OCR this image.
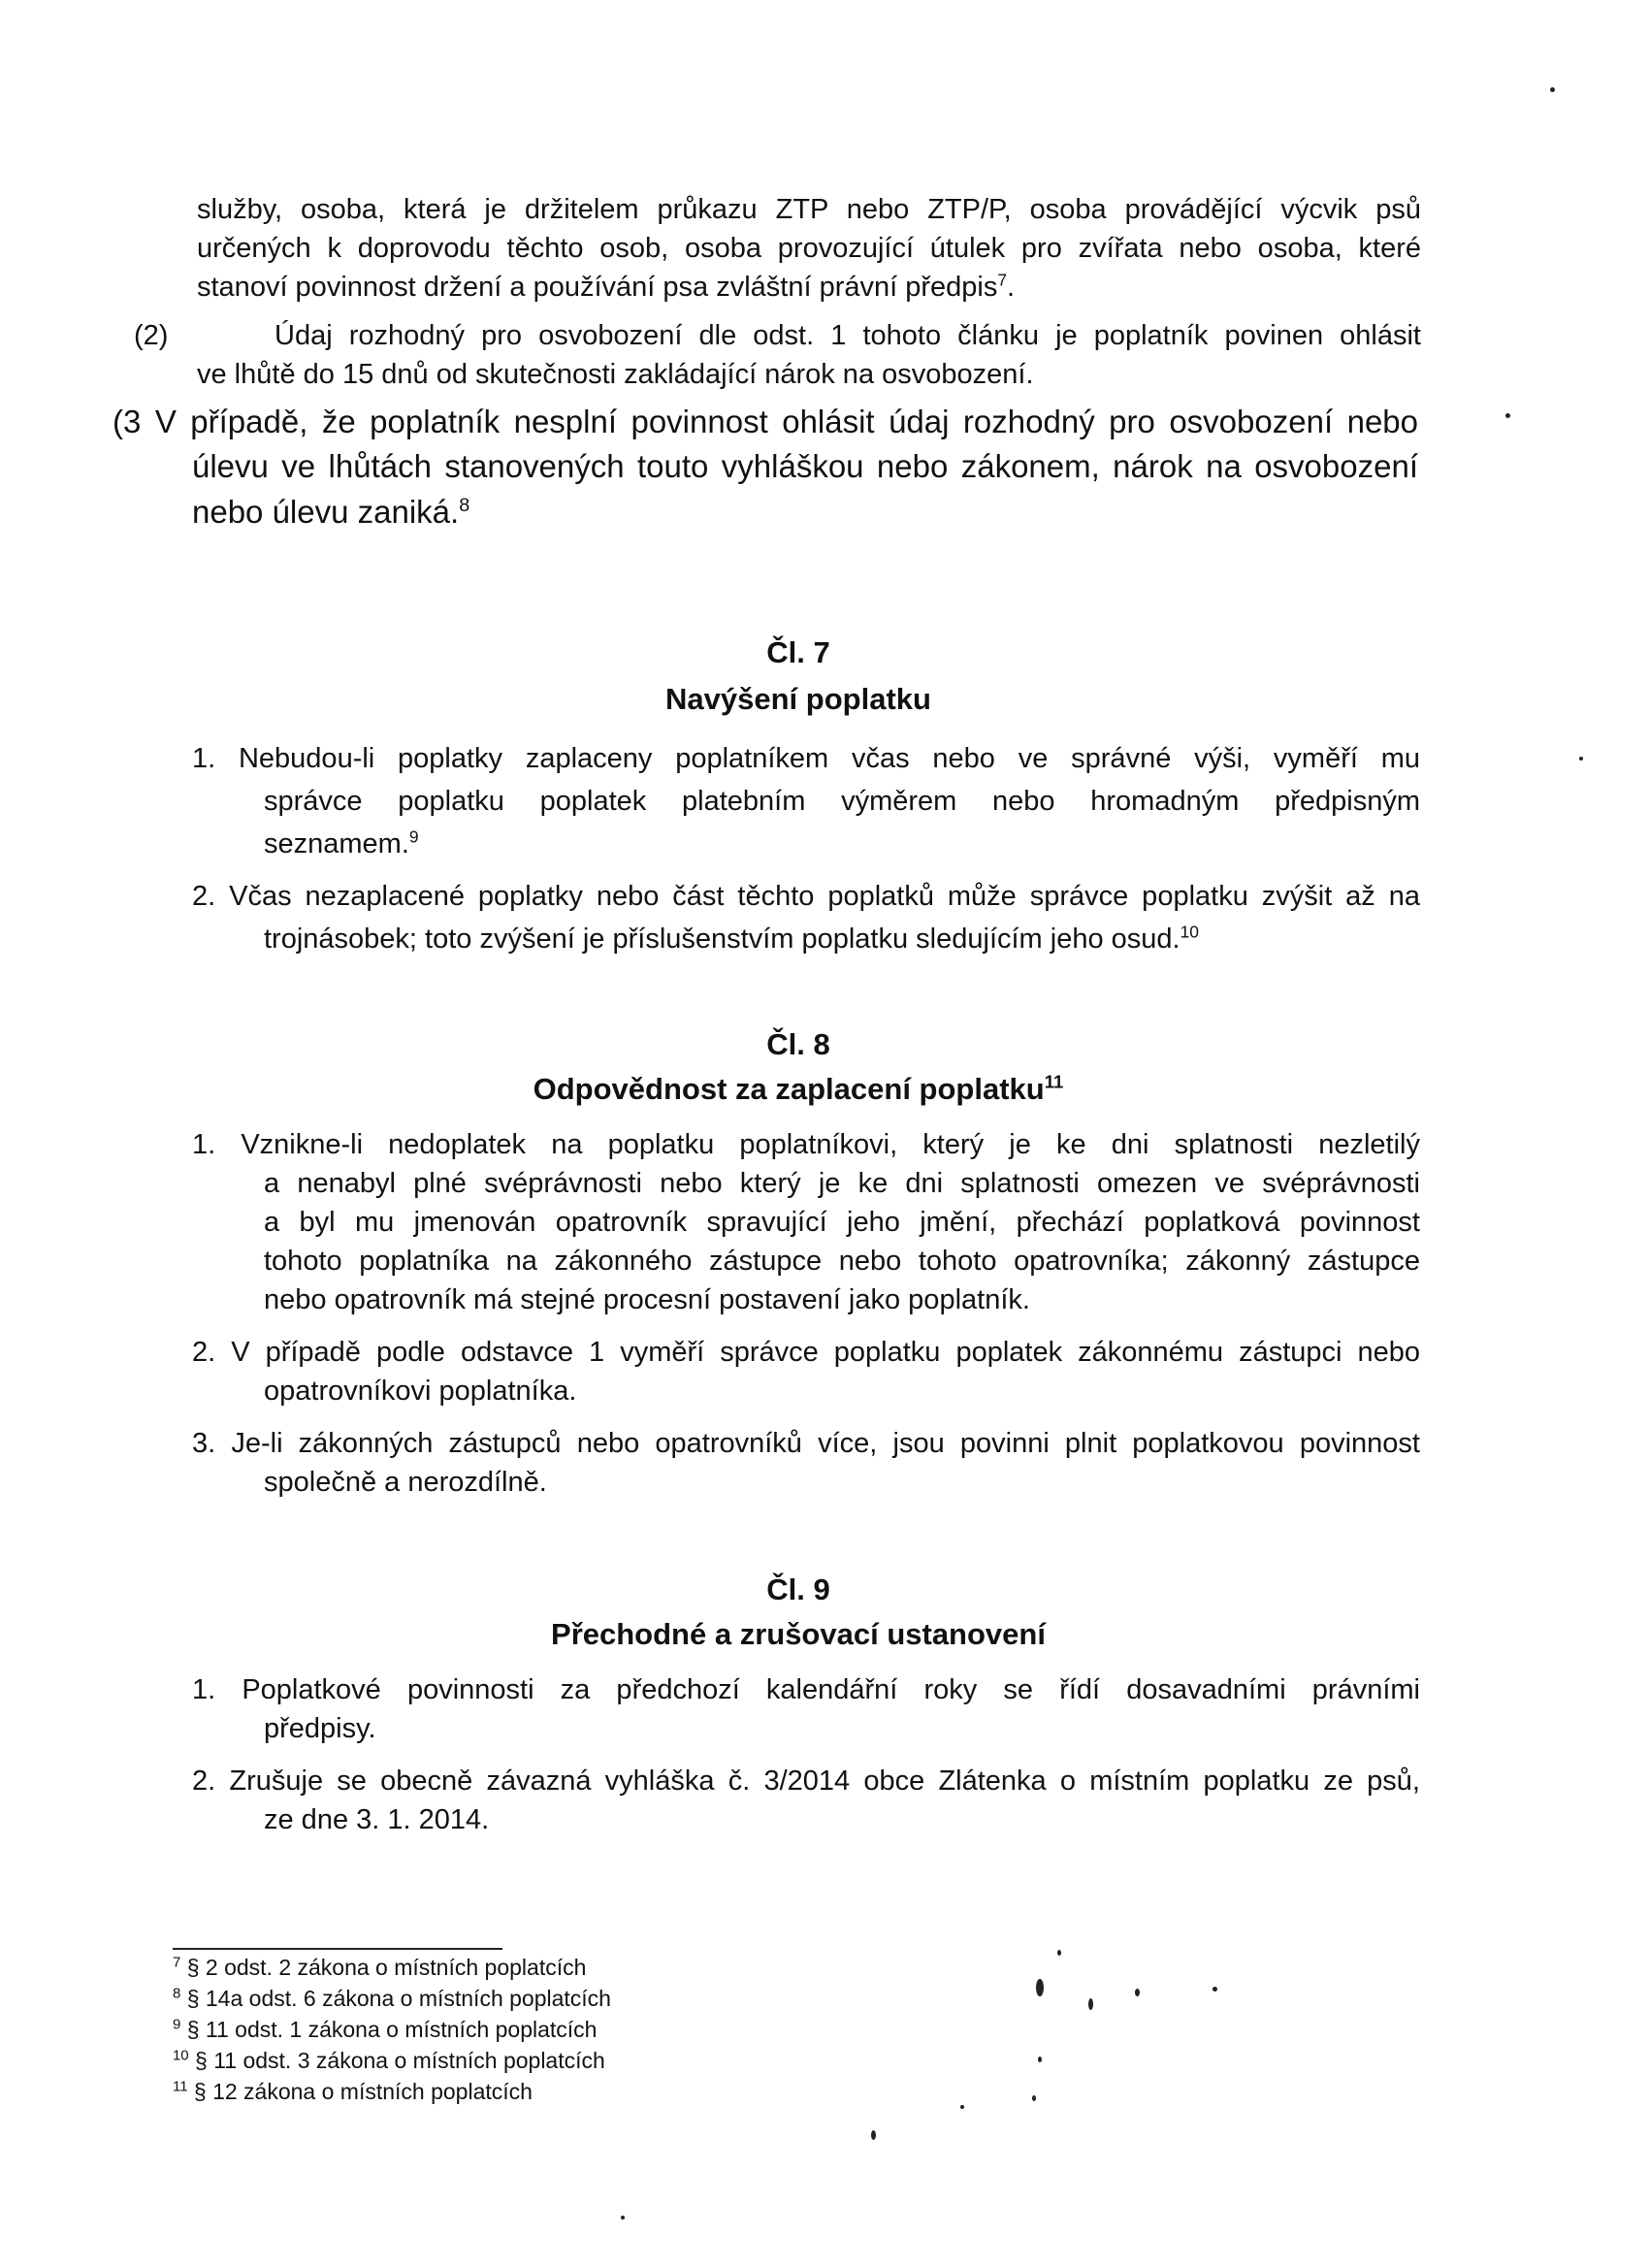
služby, osoba, která je držitelem průkazu ZTP nebo ZTP/P, osoba provádějící výcvik psů
určených k doprovodu těchto osob, osoba provozující útulek pro zvířata nebo osoba, které
stanoví povinnost držení a používání psa zvláštní právní předpis$^7$.
(2)	Údaj rozhodný pro osvobození dle odst. 1 tohoto článku je poplatník povinen ohlásit
ve lhůtě do 15 dnů od skutečnosti zakládající nárok na osvobození.
(3 V případě, že poplatník nesplní povinnost ohlásit údaj rozhodný pro osvobození nebo
úlevu ve lhůtách stanovených touto vyhláškou nebo zákonem, nárok na osvobození
nebo úlevu zaniká.$^8$
Čl. 7
Navýšení poplatku
1. Nebudou-li poplatky zaplaceny poplatníkem včas nebo ve správné výši, vyměří mu
správce poplatku poplatek platebním výměrem nebo hromadným předpisným
seznamem.$^9$
2. Včas nezaplacené poplatky nebo část těchto poplatků může správce poplatku zvýšit až na
trojnásobek; toto zvýšení je příslušenstvím poplatku sledujícím jeho osud.$^{10}$
Čl. 8
Odpovědnost za zaplacení poplatku$^{11}$
1. Vznikne-li nedoplatek na poplatku poplatníkovi, který je ke dni splatnosti nezletilý
a nenabyl plné svéprávnosti nebo který je ke dni splatnosti omezen ve svéprávnosti
a byl mu jmenován opatrovník spravující jeho jmění, přechází poplatková povinnost
tohoto poplatníka na zákonného zástupce nebo tohoto opatrovníka; zákonný zástupce
nebo opatrovník má stejné procesní postavení jako poplatník.
2. V případě podle odstavce 1 vyměří správce poplatku poplatek zákonnému zástupci nebo
opatrovníkovi poplatníka.
3. Je-li zákonných zástupců nebo opatrovníků více, jsou povinni plnit poplatkovou povinnost
společně a nerozdílně.
Čl. 9
Přechodné a zrušovací ustanovení
1. Poplatkové povinnosti za předchozí kalendářní roky se řídí dosavadními právními
předpisy.
2. Zrušuje se obecně závazná vyhláška č. 3/2014 obce Zlátenka o místním poplatku ze psů,
ze dne 3. 1. 2014.
$^7$ § 2 odst. 2 zákona o místních poplatcích
$^8$ § 14a odst. 6 zákona o místních poplatcích
$^9$ § 11 odst. 1 zákona o místních poplatcích
$^{10}$ § 11 odst. 3 zákona o místních poplatcích
$^{11}$ § 12 zákona o místních poplatcích
